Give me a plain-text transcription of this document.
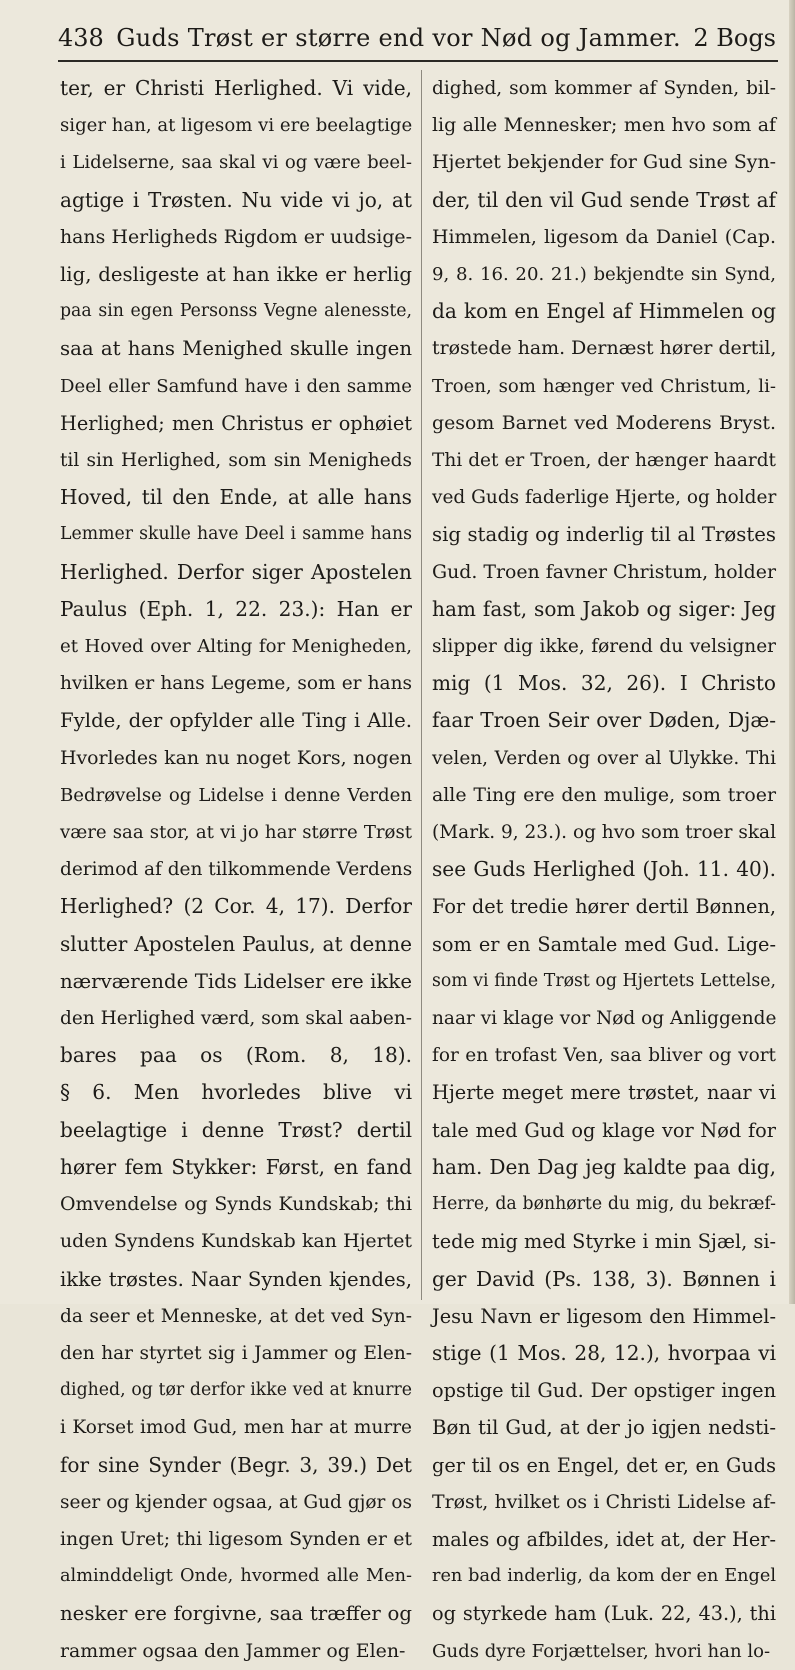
438 Guds Trøst er større end vor Nød og Jammer. 2 Bogs
ter, er Christi Herlighed. Vi vide,
siger han, at ligesom vi ere beelagtige
i Lidelserne, saa skal vi og være beel-
agtige i Trøsten. Nu vide vi jo, at
hans Herligheds Rigdom er uudsige-
lig, desligeste at han ikke er herlig
paa sin egen Personss Vegne alenesste,
saa at hans Menighed skulle ingen
Deel eller Samfund have i den samme
Herlighed; men Christus er ophøiet
til sin Herlighed, som sin Menigheds
Hoved, til den Ende, at alle hans
Lemmer skulle have Deel i samme hans
Herlighed. Derfor siger Apostelen
Paulus (Eph. 1, 22. 23.): Han er
et Hoved over Alting for Menigheden,
hvilken er hans Legeme, som er hans
Fylde, der opfylder alle Ting i Alle.
Hvorledes kan nu noget Kors, nogen
Bedrøvelse og Lidelse i denne Verden
være saa stor, at vi jo har større Trøst
derimod af den tilkommende Verdens
Herlighed? (2 Cor. 4, 17). Derfor
slutter Apostelen Paulus, at denne
nærværende Tids Lidelser ere ikke
den Herlighed værd, som skal aaben-
bares paa os (Rom. 8, 18).
§ 6. Men hvorledes blive vi
beelagtige i denne Trøst? dertil
hører fem Stykker: Først, en fand
Omvendelse og Synds Kundskab; thi
uden Syndens Kundskab kan Hjertet
ikke trøstes. Naar Synden kjendes,
da seer et Menneske, at det ved Syn-
den har styrtet sig i Jammer og Elen-
dighed, og tør derfor ikke ved at knurre
i Korset imod Gud, men har at murre
for sine Synder (Begr. 3, 39.) Det
seer og kjender ogsaa, at Gud gjør os
ingen Uret; thi ligesom Synden er et
alminddeligt Onde, hvormed alle Men-
nesker ere forgivne, saa træffer og
rammer ogsaa den Jammer og Elen-
dighed, som kommer af Synden, bil-
lig alle Mennesker; men hvo som af
Hjertet bekjender for Gud sine Syn-
der, til den vil Gud sende Trøst af
Himmelen, ligesom da Daniel (Cap.
9, 8. 16. 20. 21.) bekjendte sin Synd,
da kom en Engel af Himmelen og
trøstede ham. Dernæst hører dertil,
Troen, som hænger ved Christum, li-
gesom Barnet ved Moderens Bryst.
Thi det er Troen, der hænger haardt
ved Guds faderlige Hjerte, og holder
sig stadig og inderlig til al Trøstes
Gud. Troen favner Christum, holder
ham fast, som Jakob og siger: Jeg
slipper dig ikke, førend du velsigner
mig (1 Mos. 32, 26). I Christo
faar Troen Seir over Døden, Djæ-
velen, Verden og over al Ulykke. Thi
alle Ting ere den mulige, som troer
(Mark. 9, 23.). og hvo som troer skal
see Guds Herlighed (Joh. 11. 40).
For det tredie hører dertil Bønnen,
som er en Samtale med Gud. Lige-
som vi finde Trøst og Hjertets Lettelse,
naar vi klage vor Nød og Anliggende
for en trofast Ven, saa bliver og vort
Hjerte meget mere trøstet, naar vi
tale med Gud og klage vor Nød for
ham. Den Dag jeg kaldte paa dig,
Herre, da bønhørte du mig, du bekræf-
tede mig med Styrke i min Sjæl, si-
ger David (Ps. 138, 3). Bønnen i
Jesu Navn er ligesom den Himmel-
stige (1 Mos. 28, 12.), hvorpaa vi
opstige til Gud. Der opstiger ingen
Bøn til Gud, at der jo igjen nedsti-
ger til os en Engel, det er, en Guds
Trøst, hvilket os i Christi Lidelse af-
males og afbildes, idet at, der Her-
ren bad inderlig, da kom der en Engel
og styrkede ham (Luk. 22, 43.), thi
Guds dyre Forjættelser, hvori han lo-
